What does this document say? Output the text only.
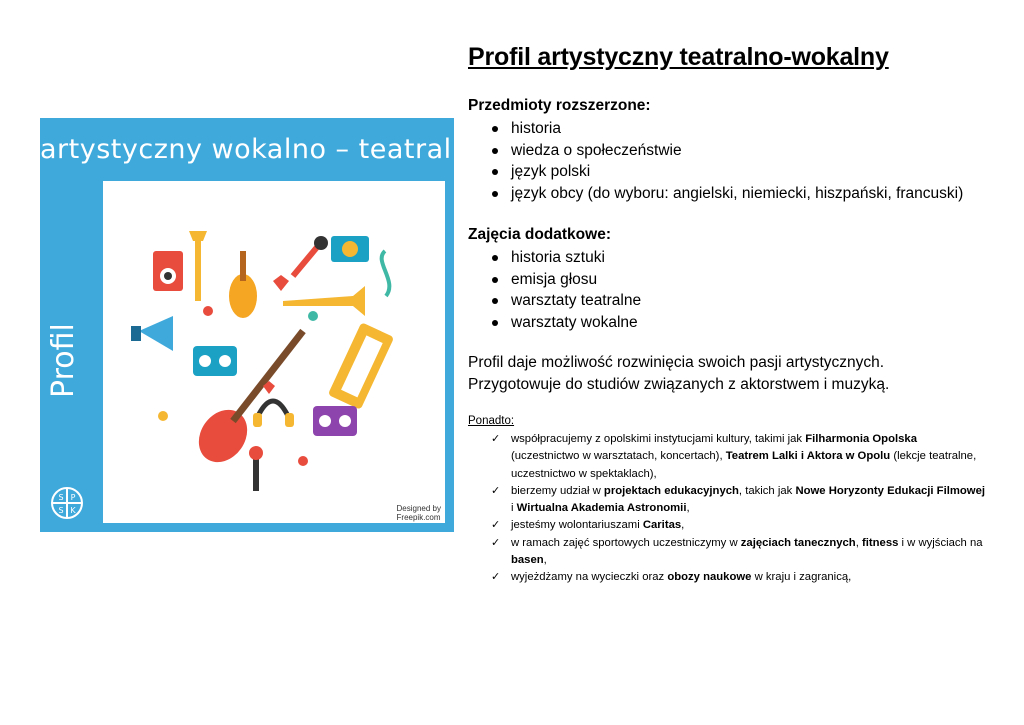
artystyczny wokalno – teatralny
Profil
Designed by
Freepik.com
S P
S K
Profil artystyczny teatralno-wokalny
Przedmioty rozszerzone:
historia
wiedza o społeczeństwie
język polski
język obcy (do wyboru: angielski, niemiecki, hiszpański, francuski)
Zajęcia dodatkowe:
historia sztuki
emisja głosu
warsztaty teatralne
warsztaty wokalne

Profil daje możliwość rozwinięcia swoich pasji artystycznych.

Przygotowuje do studiów związanych z aktorstwem i muzyką.

Ponadto:
✓ współpracujemy z opolskimi instytucjami kultury, takimi jak Filharmonia Opolska (uczestnictwo w warsztatach, koncertach), Teatrem Lalki i Aktora w Opolu (lekcje teatralne, uczestnictwo w spektaklach),
✓ bierzemy udział w projektach edukacyjnych, takich jak Nowe Horyzonty Edukacji Filmowej i Wirtualna Akademia Astronomii,
✓ jesteśmy wolontariuszami Caritas,
✓ w ramach zajęć sportowych uczestniczymy w zajęciach tanecznych, fitness i w wyjściach na basen,
✓ wyjeżdżamy na wycieczki oraz obozy naukowe w kraju i zagranicą,
